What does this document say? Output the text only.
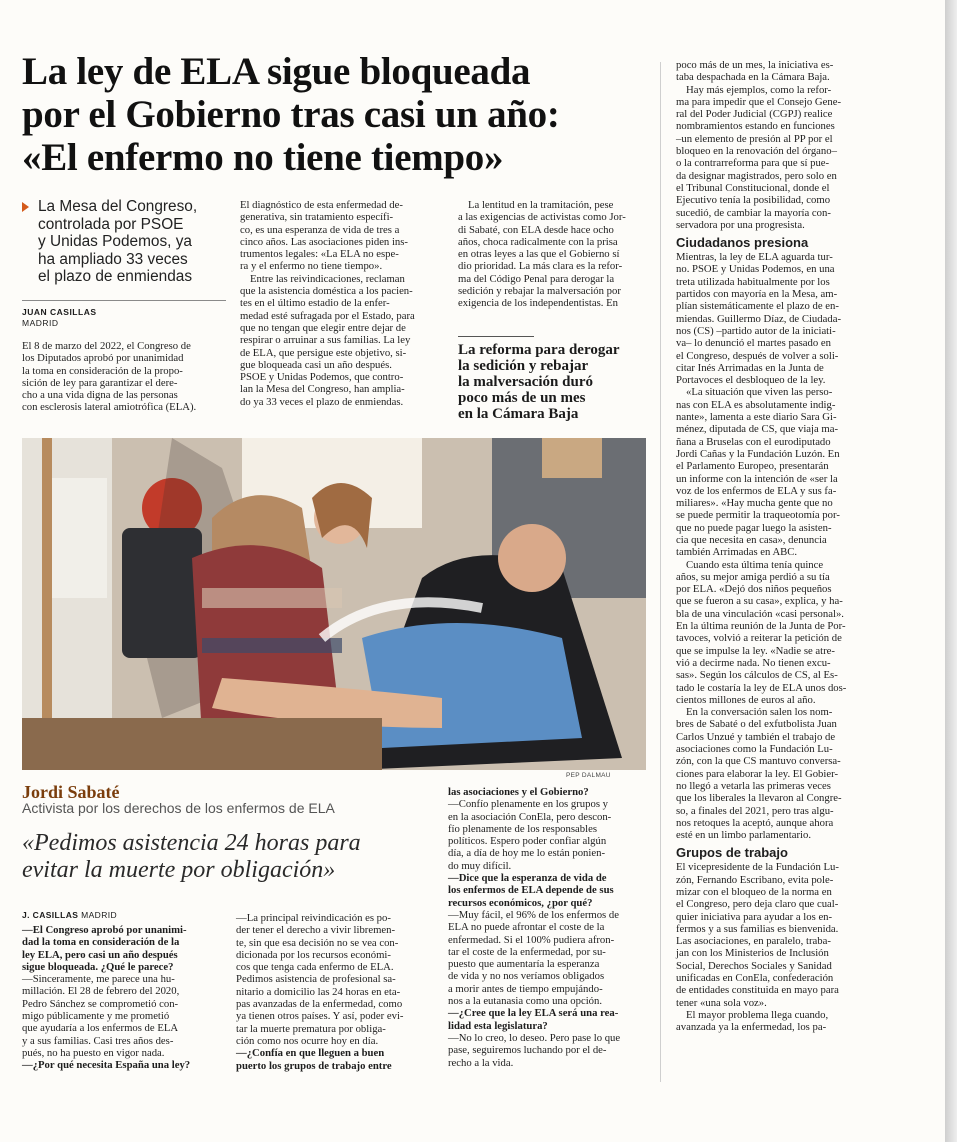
La ley de ELA sigue bloqueada
por el Gobierno tras casi un año:
«El enfermo no tiene tiempo»
La Mesa del Congreso,
controlada por PSOE
y Unidas Podemos, ya
ha ampliado 33 veces
el plazo de enmiendas
JUAN CASILLAS
MADRID
El 8 de marzo del 2022, el Congreso de
los Diputados aprobó por unanimidad
la toma en consideración de la propo-
sición de ley para garantizar el dere-
cho a una vida digna de las personas
con esclerosis lateral amiotrófica (ELA).
El diagnóstico de esta enfermedad de-
generativa, sin tratamiento específi-
co, es una esperanza de vida de tres a
cinco años. Las asociaciones piden ins-
trumentos legales: «La ELA no espe-
ra y el enfermo no tiene tiempo».
Entre las reivindicaciones, reclaman
que la asistencia doméstica a los pacien-
tes en el último estadio de la enfer-
medad esté sufragada por el Estado, para
que no tengan que elegir entre dejar de
respirar o arruinar a sus familias. La ley
de ELA, que persigue este objetivo, si-
gue bloqueada casi un año después.
PSOE y Unidas Podemos, que contro-
lan la Mesa del Congreso, han amplia-
do ya 33 veces el plazo de enmiendas.
La lentitud en la tramitación, pese
a las exigencias de activistas como Jor-
di Sabaté, con ELA desde hace ocho
años, choca radicalmente con la prisa
en otras leyes a las que el Gobierno sí
dio prioridad. La más clara es la refor-
ma del Código Penal para derogar la
sedición y rebajar la malversación por
exigencia de los independentistas. En
La reforma para derogar
la sedición y rebajar
la malversación duró
poco más de un mes
en la Cámara Baja
poco más de un mes, la iniciativa es-
taba despachada en la Cámara Baja.
Hay más ejemplos, como la refor-
ma para impedir que el Consejo Gene-
ral del Poder Judicial (CGPJ) realice
nombramientos estando en funciones
–un elemento de presión al PP por el
bloqueo en la renovación del órgano–
o la contrarreforma para que sí pue-
da designar magistrados, pero solo en
el Tribunal Constitucional, donde el
Ejecutivo tenía la posibilidad, como
sucedió, de cambiar la mayoría con-
servadora por una progresista.
Ciudadanos presiona
Mientras, la ley de ELA aguarda tur-
no. PSOE y Unidas Podemos, en una
treta utilizada habitualmente por los
partidos con mayoría en la Mesa, am-
plían sistemáticamente el plazo de en-
miendas. Guillermo Díaz, de Ciudada-
nos (CS) –partido autor de la iniciati-
va– lo denunció el martes pasado en
el Congreso, después de volver a soli-
citar Inés Arrimadas en la Junta de
Portavoces el desbloqueo de la ley.
«La situación que viven las perso-
nas con ELA es absolutamente indig-
nante», lamenta a este diario Sara Gi-
ménez, diputada de CS, que viaja ma-
ñana a Bruselas con el eurodiputado
Jordi Cañas y la Fundación Luzón. En
el Parlamento Europeo, presentarán
un informe con la intención de «ser la
voz de los enfermos de ELA y sus fa-
miliares». «Hay mucha gente que no
se puede permitir la traqueotomía por-
que no puede pagar luego la asisten-
cia que necesita en casa», denuncia
también Arrimadas en ABC.
Cuando esta última tenía quince
años, su mejor amiga perdió a su tía
por ELA. «Dejó dos niños pequeños
que se fueron a su casa», explica, y ha-
bla de una vinculación «casi personal».
En la última reunión de la Junta de Por-
tavoces, volvió a reiterar la petición de
que se impulse la ley. «Nadie se atre-
vió a decirme nada. No tienen excu-
sas». Según los cálculos de CS, al Es-
tado le costaría la ley de ELA unos dos-
cientos millones de euros al año.
En la conversación salen los nom-
bres de Sabaté o del exfutbolista Juan
Carlos Unzué y también el trabajo de
asociaciones como la Fundación Lu-
zón, con la que CS mantuvo conversa-
ciones para elaborar la ley. El Gobier-
no llegó a vetarla las primeras veces
que los liberales la llevaron al Congre-
so, a finales del 2021, pero tras algu-
nos retoques la aceptó, aunque ahora
esté en un limbo parlamentario.
Grupos de trabajo
El vicepresidente de la Fundación Lu-
zón, Fernando Escribano, evita pole-
mizar con el bloqueo de la norma en
el Congreso, pero deja claro que cual-
quier iniciativa para ayudar a los en-
fermos y a sus familias es bienvenida.
Las asociaciones, en paralelo, traba-
jan con los Ministerios de Inclusión
Social, Derechos Sociales y Sanidad
unificadas en ConEla, confederación
de entidades constituida en mayo para
tener «una sola voz».
El mayor problema llega cuando,
avanzada ya la enfermedad, los pa-
PEP DALMAU
Jordi Sabaté
Activista por los derechos de los enfermos de ELA
«Pedimos asistencia 24 horas para
evitar la muerte por obligación»
J. CASILLAS MADRID
—El Congreso aprobó por unanimi-
dad la toma en consideración de la
ley ELA, pero casi un año después
sigue bloqueada. ¿Qué le parece?
—Sinceramente, me parece una hu-
millación. El 28 de febrero del 2020,
Pedro Sánchez se comprometió con-
migo públicamente y me prometió
que ayudaría a los enfermos de ELA
y a sus familias. Casi tres años des-
pués, no ha puesto en vigor nada.
—¿Por qué necesita España una ley?
—La principal reivindicación es po-
der tener el derecho a vivir libremen-
te, sin que esa decisión no se vea con-
dicionada por los recursos económi-
cos que tenga cada enfermo de ELA.
Pedimos asistencia de profesional sa-
nitario a domicilio las 24 horas en eta-
pas avanzadas de la enfermedad, como
ya tienen otros países. Y así, poder evi-
tar la muerte prematura por obliga-
ción como nos ocurre hoy en día.
—¿Confía en que lleguen a buen
puerto los grupos de trabajo entre
las asociaciones y el Gobierno?
—Confío plenamente en los grupos y
en la asociación ConEla, pero descon-
fío plenamente de los responsables
políticos. Espero poder confiar algún
día, a día de hoy me lo están ponien-
do muy difícil.
—Dice que la esperanza de vida de
los enfermos de ELA depende de sus
recursos económicos, ¿por qué?
—Muy fácil, el 96% de los enfermos de
ELA no puede afrontar el coste de la
enfermedad. Si el 100% pudiera afron-
tar el coste de la enfermedad, por su-
puesto que aumentaría la esperanza
de vida y no nos veríamos obligados
a morir antes de tiempo empujándo-
nos a la eutanasia como una opción.
—¿Cree que la ley ELA será una rea-
lidad esta legislatura?
—No lo creo, lo deseo. Pero pase lo que
pase, seguiremos luchando por el de-
recho a la vida.
